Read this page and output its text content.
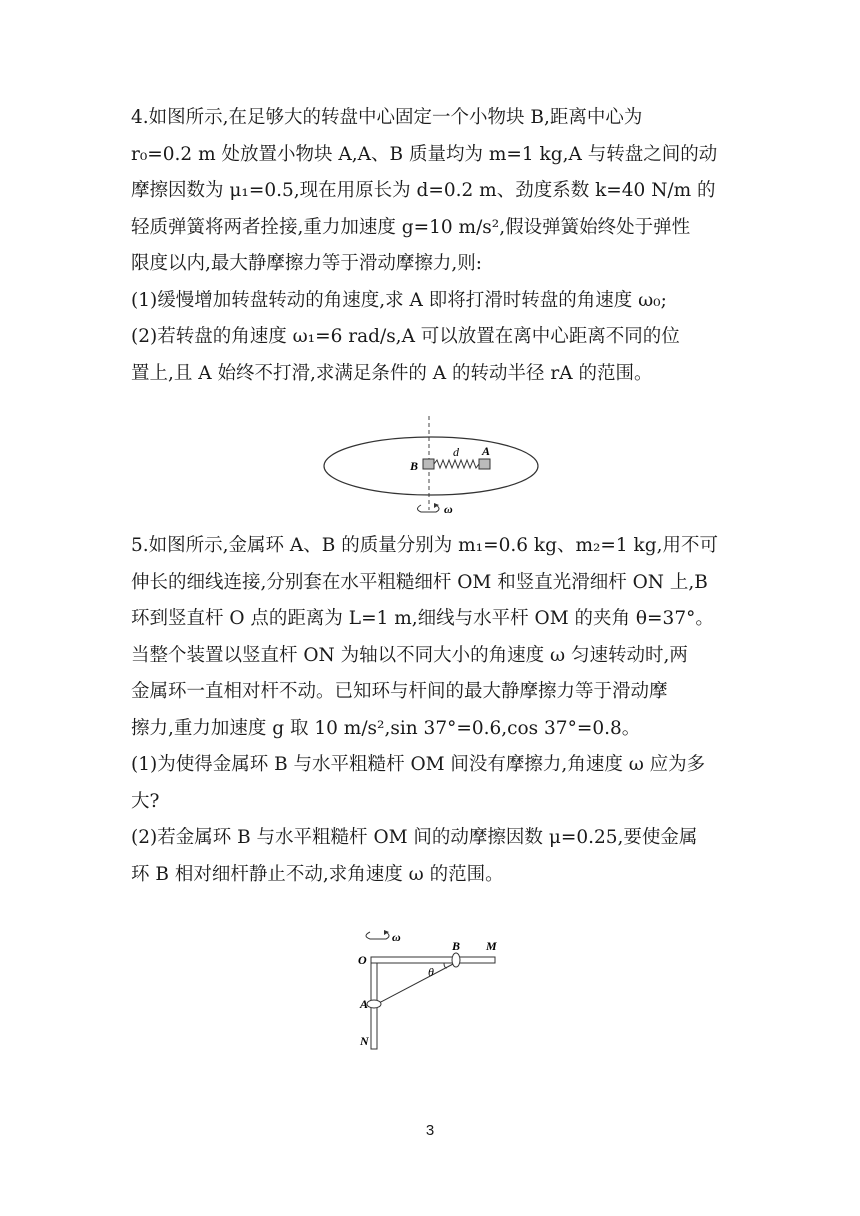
4.如图所示,在足够大的转盘中心固定一个小物块 B,距离中心为

r₀=0.2 m 处放置小物块 A,A、B 质量均为 m=1 kg,A 与转盘之间的动

摩擦因数为 μ₁=0.5,现在用原长为 d=0.2 m、劲度系数 k=40 N/m 的

轻质弹簧将两者拴接,重力加速度 g=10 m/s²,假设弹簧始终处于弹性

限度以内,最大静摩擦力等于滑动摩擦力,则:

(1)缓慢增加转盘转动的角速度,求 A 即将打滑时转盘的角速度 ω₀;

(2)若转盘的角速度 ω₁=6 rad/s,A 可以放置在离中心距离不同的位

置上,且 A 始终不打滑,求满足条件的 A 的转动半径 rA 的范围。

B
d A
ω

5.如图所示,金属环 A、B 的质量分别为 m₁=0.6 kg、m₂=1 kg,用不可

伸长的细线连接,分别套在水平粗糙细杆 OM 和竖直光滑细杆 ON 上,B

环到竖直杆 O 点的距离为 L=1 m,细线与水平杆 OM 的夹角 θ=37°。

当整个装置以竖直杆 ON 为轴以不同大小的角速度 ω 匀速转动时,两

金属环一直相对杆不动。已知环与杆间的最大静摩擦力等于滑动摩

擦力,重力加速度 g 取 10 m/s²,sin 37°=0.6,cos 37°=0.8。

(1)为使得金属环 B 与水平粗糙杆 OM 间没有摩擦力,角速度 ω 应为多

大?

(2)若金属环 B 与水平粗糙杆 OM 间的动摩擦因数 μ=0.25,要使金属

环 B 相对细杆静止不动,求角速度 ω 的范围。

ω
O
B M
θ
A
N
3
